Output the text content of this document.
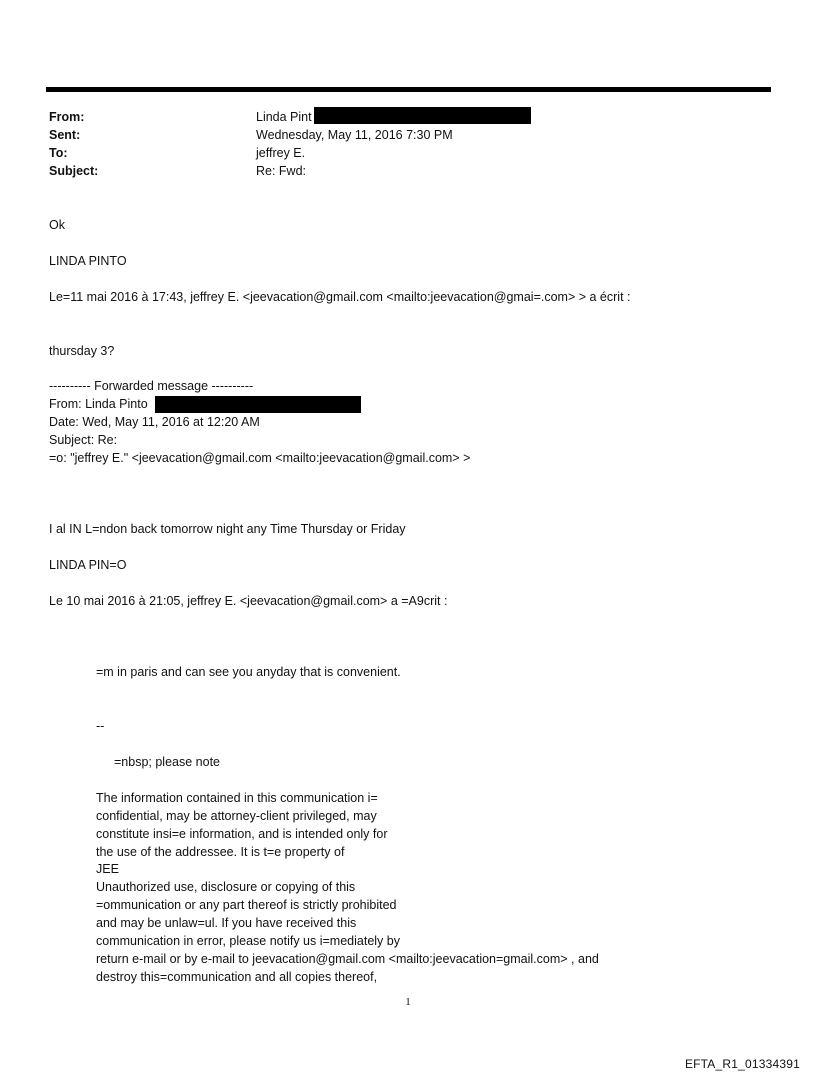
From:	Linda Pint
Sent:	Wednesday, May 11, 2016 7:30 PM
To:	jeffrey E.
Subject:	Re: Fwd:
Ok
LINDA PINTO
Le=11 mai 2016 à 17:43, jeffrey E. <jeevacation@gmail.com <mailto:jeevacation@gmai=.com> > a écrit :
thursday 3?
---------- Forwarded message ----------
From: Linda Pinto
Date: Wed, May 11, 2016 at 12:20 AM
Subject: Re:
=o: "jeffrey E." <jeevacation@gmail.com <mailto:jeevacation@gmail.com> >
I al IN L=ndon back tomorrow night any Time Thursday or Friday
LINDA PIN=O
Le 10 mai 2016 à 21:05, jeffrey E. <jeevacation@gmail.com> a =A9crit :
=m in paris and can see you anyday that is convenient.
--
=nbsp; please note
The information contained in this communication i=
confidential, may be attorney-client privileged, may
constitute insi=e information, and is intended only for
the use of the addressee. It is t=e property of
JEE
Unauthorized use, disclosure or copying of this
=ommunication or any part thereof is strictly prohibited
and may be unlaw=ul. If you have received this
communication in error, please notify us i=mediately by
return e-mail or by e-mail to jeevacation@gmail.com <mailto:jeevacation=gmail.com> , and
destroy this=communication and all copies thereof,
1
EFTA_R1_01334391
